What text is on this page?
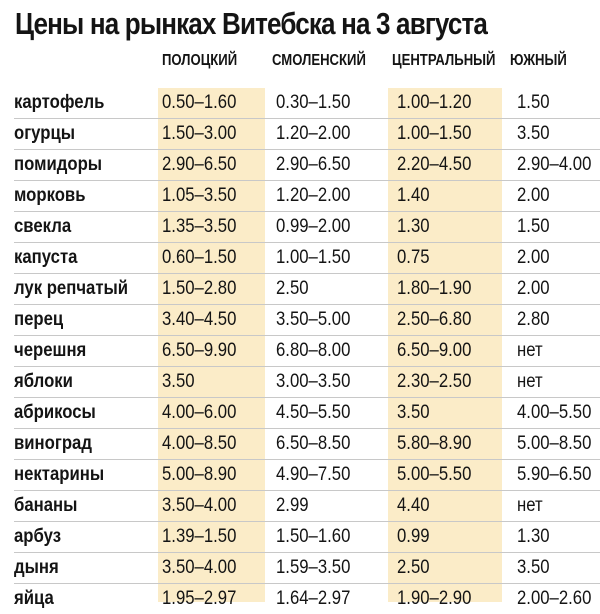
Цены на рынках Витебска на 3 августа
ПОЛОЦКИЙ СМОЛЕНСКИЙ ЦЕНТРАЛЬНЫЙ ЮЖНЫЙ
картофель	0.50–1.60	0.30–1.50	1.00–1.20	1.50
огурцы	1.50–3.00	1.20–2.00	1.00–1.50	3.50
помидоры	2.90–6.50	2.90–6.50	2.20–4.50	2.90–4.00
морковь	1.05–3.50	1.20–2.00	1.40	2.00
свекла	1.35–3.50	0.99–2.00	1.30	1.50
капуста	0.60–1.50	1.00–1.50	0.75	2.00
лук репчатый	1.50–2.80	2.50	1.80–1.90	2.00
перец	3.40–4.50	3.50–5.00	2.50–6.80	2.80
черешня	6.50–9.90	6.80–8.00	6.50–9.00	нет
яблоки	3.50	3.00–3.50	2.30–2.50	нет
абрикосы	4.00–6.00	4.50–5.50	3.50	4.00–5.50
виноград	4.00–8.50	6.50–8.50	5.80–8.90	5.00–8.50
нектарины	5.00–8.90	4.90–7.50	5.00–5.50	5.90–6.50
бананы	3.50–4.00	2.99	4.40	нет
арбуз	1.39–1.50	1.50–1.60	0.99	1.30
дыня	3.50–4.00	1.59–3.50	2.50	3.50
яйца	1.95–2.97	1.64–2.97	1.90–2.90	2.00–2.60
